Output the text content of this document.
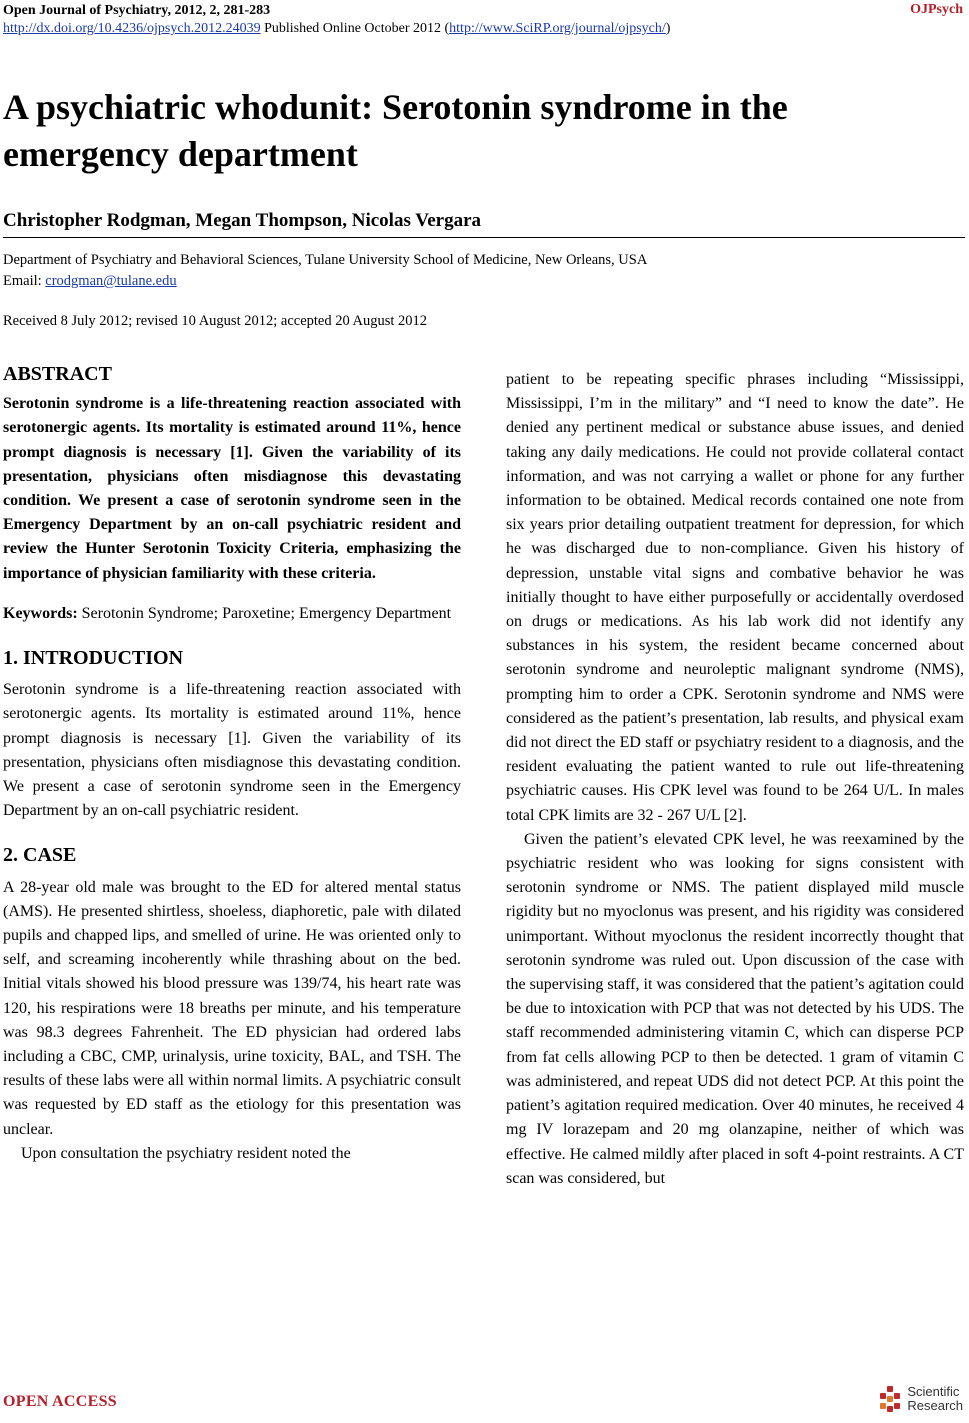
Open Journal of Psychiatry, 2012, 2, 281-283
http://dx.doi.org/10.4236/ojpsych.2012.24039 Published Online October 2012 (http://www.SciRP.org/journal/ojpsych/)
OJPsych
A psychiatric whodunit: Serotonin syndrome in the emergency department
Christopher Rodgman, Megan Thompson, Nicolas Vergara
Department of Psychiatry and Behavioral Sciences, Tulane University School of Medicine, New Orleans, USA
Email: crodgman@tulane.edu
Received 8 July 2012; revised 10 August 2012; accepted 20 August 2012
ABSTRACT

Serotonin syndrome is a life-threatening reaction associated with serotonergic agents. Its mortality is estimated around 11%, hence prompt diagnosis is necessary [1]. Given the variability of its presentation, physicians often misdiagnose this devastating condition. We present a case of serotonin syndrome seen in the Emergency Department by an on-call psychiatric resident and review the Hunter Serotonin Toxicity Criteria, emphasizing the importance of physician familiarity with these criteria.

Keywords: Serotonin Syndrome; Paroxetine; Emergency Department

1. INTRODUCTION

Serotonin syndrome is a life-threatening reaction associated with serotonergic agents. Its mortality is estimated around 11%, hence prompt diagnosis is necessary [1]. Given the variability of its presentation, physicians often misdiagnose this devastating condition. We present a case of serotonin syndrome seen in the Emergency Department by an on-call psychiatric resident.

2. CASE

A 28-year old male was brought to the ED for altered mental status (AMS). He presented shirtless, shoeless, diaphoretic, pale with dilated pupils and chapped lips, and smelled of urine. He was oriented only to self, and screaming incoherently while thrashing about on the bed. Initial vitals showed his blood pressure was 139/74, his heart rate was 120, his respirations were 18 breaths per minute, and his temperature was 98.3 degrees Fahrenheit. The ED physician had ordered labs including a CBC, CMP, urinalysis, urine toxicity, BAL, and TSH. The results of these labs were all within normal limits. A psychiatric consult was requested by ED staff as the etiology for this presentation was unclear.

Upon consultation the psychiatry resident noted the

patient to be repeating specific phrases including “Mississippi, Mississippi, I’m in the military” and “I need to know the date”. He denied any pertinent medical or substance abuse issues, and denied taking any daily medications. He could not provide collateral contact information, and was not carrying a wallet or phone for any further information to be obtained. Medical records contained one note from six years prior detailing outpatient treatment for depression, for which he was discharged due to non-compliance. Given his history of depression, unstable vital signs and combative behavior he was initially thought to have either purposefully or accidentally overdosed on drugs or medications. As his lab work did not identify any substances in his system, the resident became concerned about serotonin syndrome and neuroleptic malignant syndrome (NMS), prompting him to order a CPK. Serotonin syndrome and NMS were considered as the patient’s presentation, lab results, and physical exam did not direct the ED staff or psychiatry resident to a diagnosis, and the resident evaluating the patient wanted to rule out life-threatening psychiatric causes. His CPK level was found to be 264 U/L. In males total CPK limits are 32 - 267 U/L [2].

Given the patient’s elevated CPK level, he was reexamined by the psychiatric resident who was looking for signs consistent with serotonin syndrome or NMS. The patient displayed mild muscle rigidity but no myoclonus was present, and his rigidity was considered unimportant. Without myoclonus the resident incorrectly thought that serotonin syndrome was ruled out. Upon discussion of the case with the supervising staff, it was considered that the patient’s agitation could be due to intoxication with PCP that was not detected by his UDS. The staff recommended administering vitamin C, which can disperse PCP from fat cells allowing PCP to then be detected. 1 gram of vitamin C was administered, and repeat UDS did not detect PCP. At this point the patient’s agitation required medication. Over 40 minutes, he received 4 mg IV lorazepam and 20 mg olanzapine, neither of which was effective. He calmed mildly after placed in soft 4-point restraints. A CT scan was considered, but

OPEN ACCESS
Scientific
Research
